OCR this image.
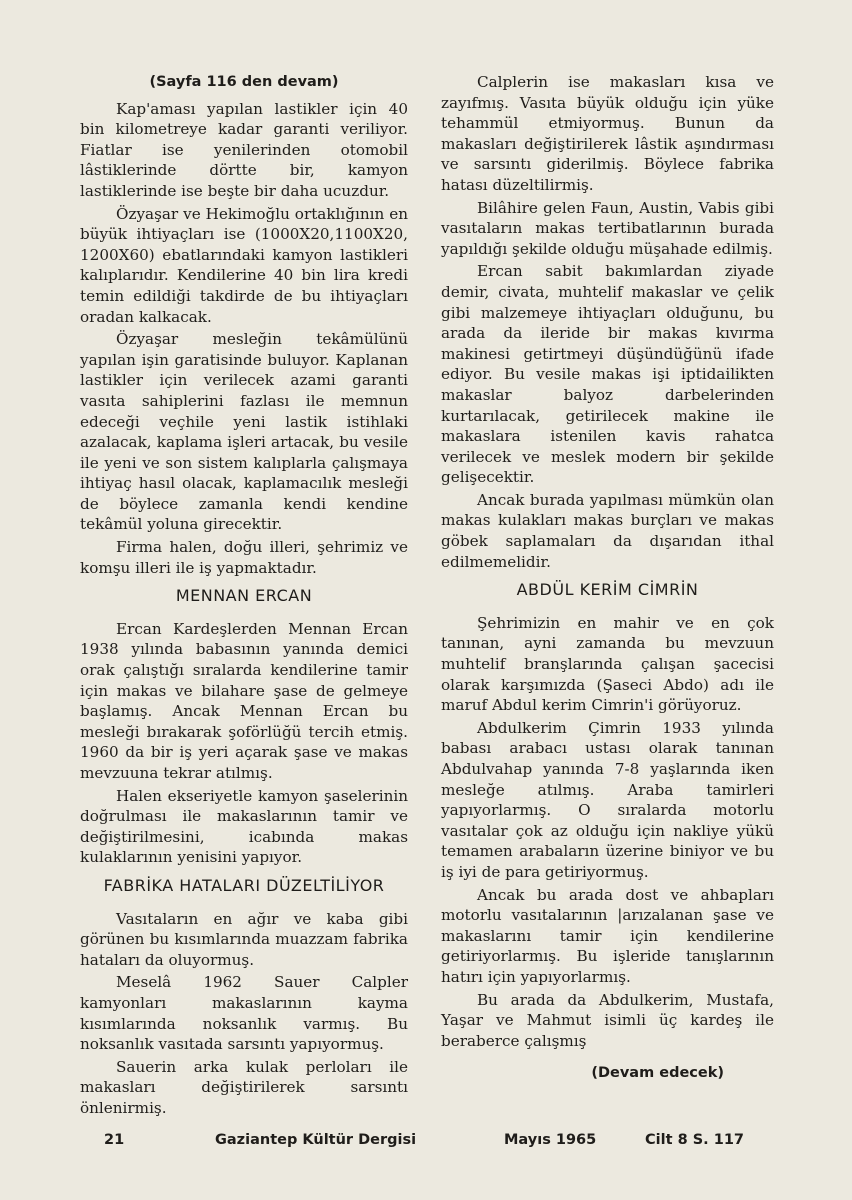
(Sayfa 116 den devam)

Kap'aması yapılan lastikler için 40 bin kilometreye kadar garanti veriliyor. Fiatlar ise yenilerinden otomobil lâstiklerinde dörtte bir, kamyon lastiklerinde ise beşte bir daha ucuzdur.

Özyaşar ve Hekimoğlu ortaklığının en büyük ihtiyaçları ise (1000X20,1100X20, 1200X60) ebatlarındaki kamyon lastikleri kalıplarıdır. Kendilerine 40 bin lira kredi temin edildiği takdirde de bu ihtiyaçları oradan kalkacak.

Özyaşar mesleğin tekâmülünü yapılan işin garatisinde buluyor. Kaplanan lastikler için verilecek azami garanti vasıta sahiplerini fazlası ile memnun edeceği veçhile yeni lastik istihlaki azalacak, kaplama işleri artacak, bu vesile ile yeni ve son sistem kalıplarla çalışmaya ihtiyaç hasıl olacak, kaplamacılık mesleği de böylece zamanla kendi kendine tekâmül yoluna girecektir.

Firma halen, doğu illeri, şehrimiz ve komşu illeri ile iş yapmaktadır.

MENNAN ERCAN

Ercan Kardeşlerden Mennan Ercan 1938 yılında babasının yanında demici orak çalıştığı sıralarda kendilerine tamir için makas ve bilahare şase de gelmeye başlamış. Ancak Mennan Ercan bu mesleği bırakarak şoförlüğü tercih etmiş. 1960 da bir iş yeri açarak şase ve makas mevzuuna tekrar atılmış.

Halen ekseriyetle kamyon şaselerinin doğrulması ile makaslarının tamir ve değiştirilmesini, icabında makas kulaklarının yenisini yapıyor.

FABRİKA HATALARI DÜZELTİLİYOR

Vasıtaların en ağır ve kaba gibi görünen bu kısımlarında muazzam fabrika hataları da oluyormuş.

Meselâ 1962 Sauer Calpler kamyonları makaslarının kayma kısımlarında noksanlık varmış. Bu noksanlık vasıtada sarsıntı yapıyormuş.

Sauerin arka kulak perloları ile makasları değiştirilerek sarsıntı önlenirmiş.

Calplerin ise makasları kısa ve zayıfmış. Vasıta büyük olduğu için yüke tehammül etmiyormuş. Bunun da makasları değiştirilerek lâstik aşındırması ve sarsıntı giderilmiş. Böylece fabrika hatası düzeltilirmiş.

Bilâhire gelen Faun, Austin, Vabis gibi vasıtaların makas tertibatlarının burada yapıldığı şekilde olduğu müşahade edilmiş.

Ercan sabit bakımlardan ziyade demir, civata, muhtelif makaslar ve çelik gibi malzemeye ihtiyaçları olduğunu, bu arada da ileride bir makas kıvırma makinesi getirtmeyi düşündüğünü ifade ediyor. Bu vesile makas işi iptidailikten makaslar balyoz darbelerinden kurtarılacak, getirilecek makine ile makaslara istenilen kavis rahatca verilecek ve meslek modern bir şekilde gelişecektir.

Ancak burada yapılması mümkün olan makas kulakları makas burçları ve makas göbek saplamaları da dışarıdan ithal edilmemelidir.

ABDÜL KERİM CİMRİN

Şehrimizin en mahir ve en çok tanınan, ayni zamanda bu mevzuun muhtelif branşlarında çalışan şacecisi olarak karşımızda (Şaseci Abdo) adı ile maruf Abdul kerim Cimrin'i görüyoruz.

Abdulkerim Çimrin 1933 yılında babası arabacı ustası olarak tanınan Abdulvahap yanında 7-8 yaşlarında iken mesleğe atılmış. Araba tamirleri yapıyorlarmış. O sıralarda motorlu vasıtalar çok az olduğu için nakliye yükü temamen arabaların üzerine biniyor ve bu iş iyi de para getiriyormuş.

Ancak bu arada dost ve ahbapları motorlu vasıtalarının |arızalanan şase ve makaslarını tamir için kendilerine getiriyorlarmış. Bu işleride tanışlarının hatırı için yapıyorlarmış.

Bu arada da Abdulkerim, Mustafa, Yaşar ve Mahmut isimli üç kardeş ile beraberce çalışmış

(Devam edecek)
21	Gaziantep Kültür Dergisi	Mayıs 1965	Cilt 8 S. 117
